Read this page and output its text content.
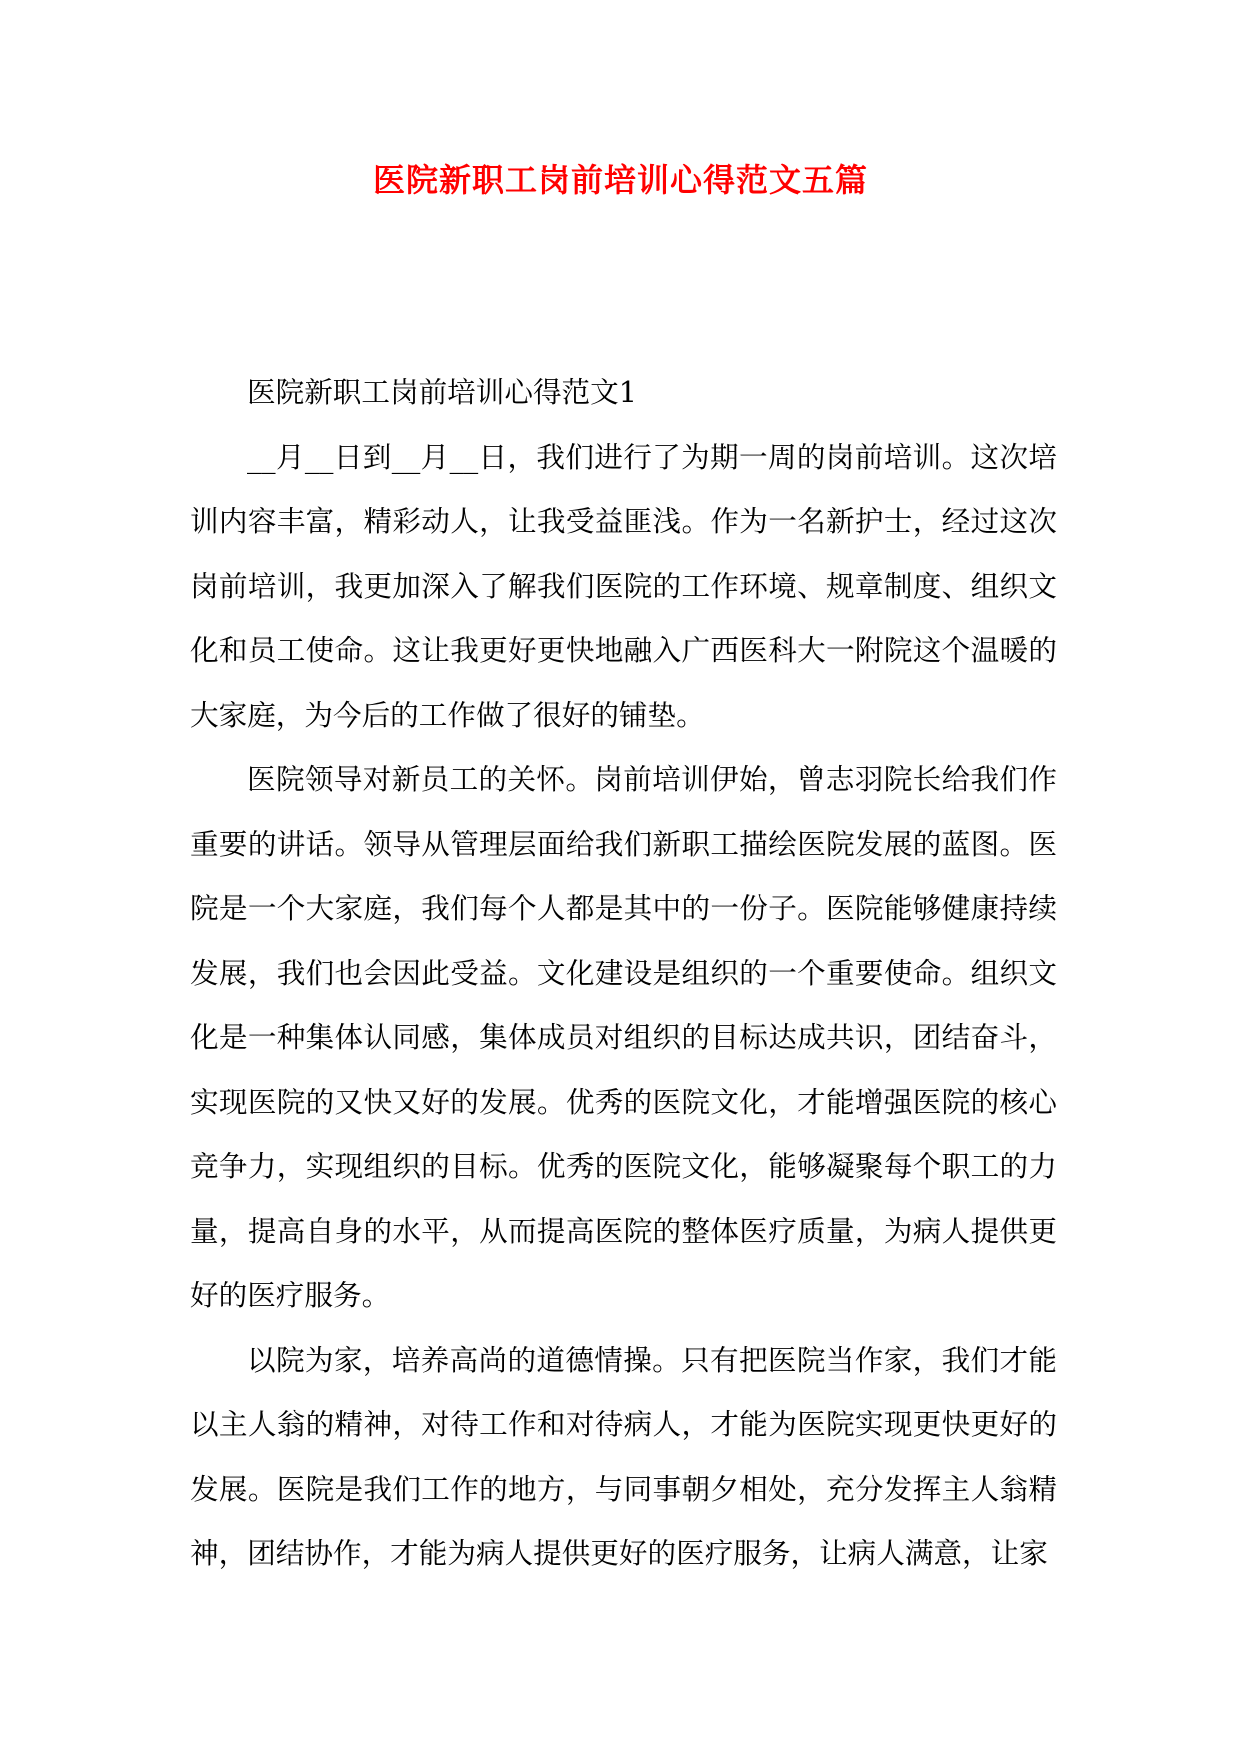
医院新职工岗前培训心得范文五篇

医院新职工岗前培训心得范文1

__月__日到__月__日，我们进行了为期一周的岗前培训。这次培训内容丰富，精彩动人，让我受益匪浅。作为一名新护士，经过这次岗前培训，我更加深入了解我们医院的工作环境、规章制度、组织文化和员工使命。这让我更好更快地融入广西医科大一附院这个温暖的大家庭，为今后的工作做了很好的铺垫。

医院领导对新员工的关怀。岗前培训伊始，曾志羽院长给我们作重要的讲话。领导从管理层面给我们新职工描绘医院发展的蓝图。医院是一个大家庭，我们每个人都是其中的一份子。医院能够健康持续发展，我们也会因此受益。文化建设是组织的一个重要使命。组织文化是一种集体认同感，集体成员对组织的目标达成共识，团结奋斗，实现医院的又快又好的发展。优秀的医院文化，才能增强医院的核心竞争力，实现组织的目标。优秀的医院文化，能够凝聚每个职工的力量，提高自身的水平，从而提高医院的整体医疗质量，为病人提供更好的医疗服务。

以院为家，培养高尚的道德情操。只有把医院当作家，我们才能以主人翁的精神，对待工作和对待病人，才能为医院实现更快更好的发展。医院是我们工作的地方，与同事朝夕相处，充分发挥主人翁精神，团结协作，才能为病人提供更好的医疗服务，让病人满意，让家
